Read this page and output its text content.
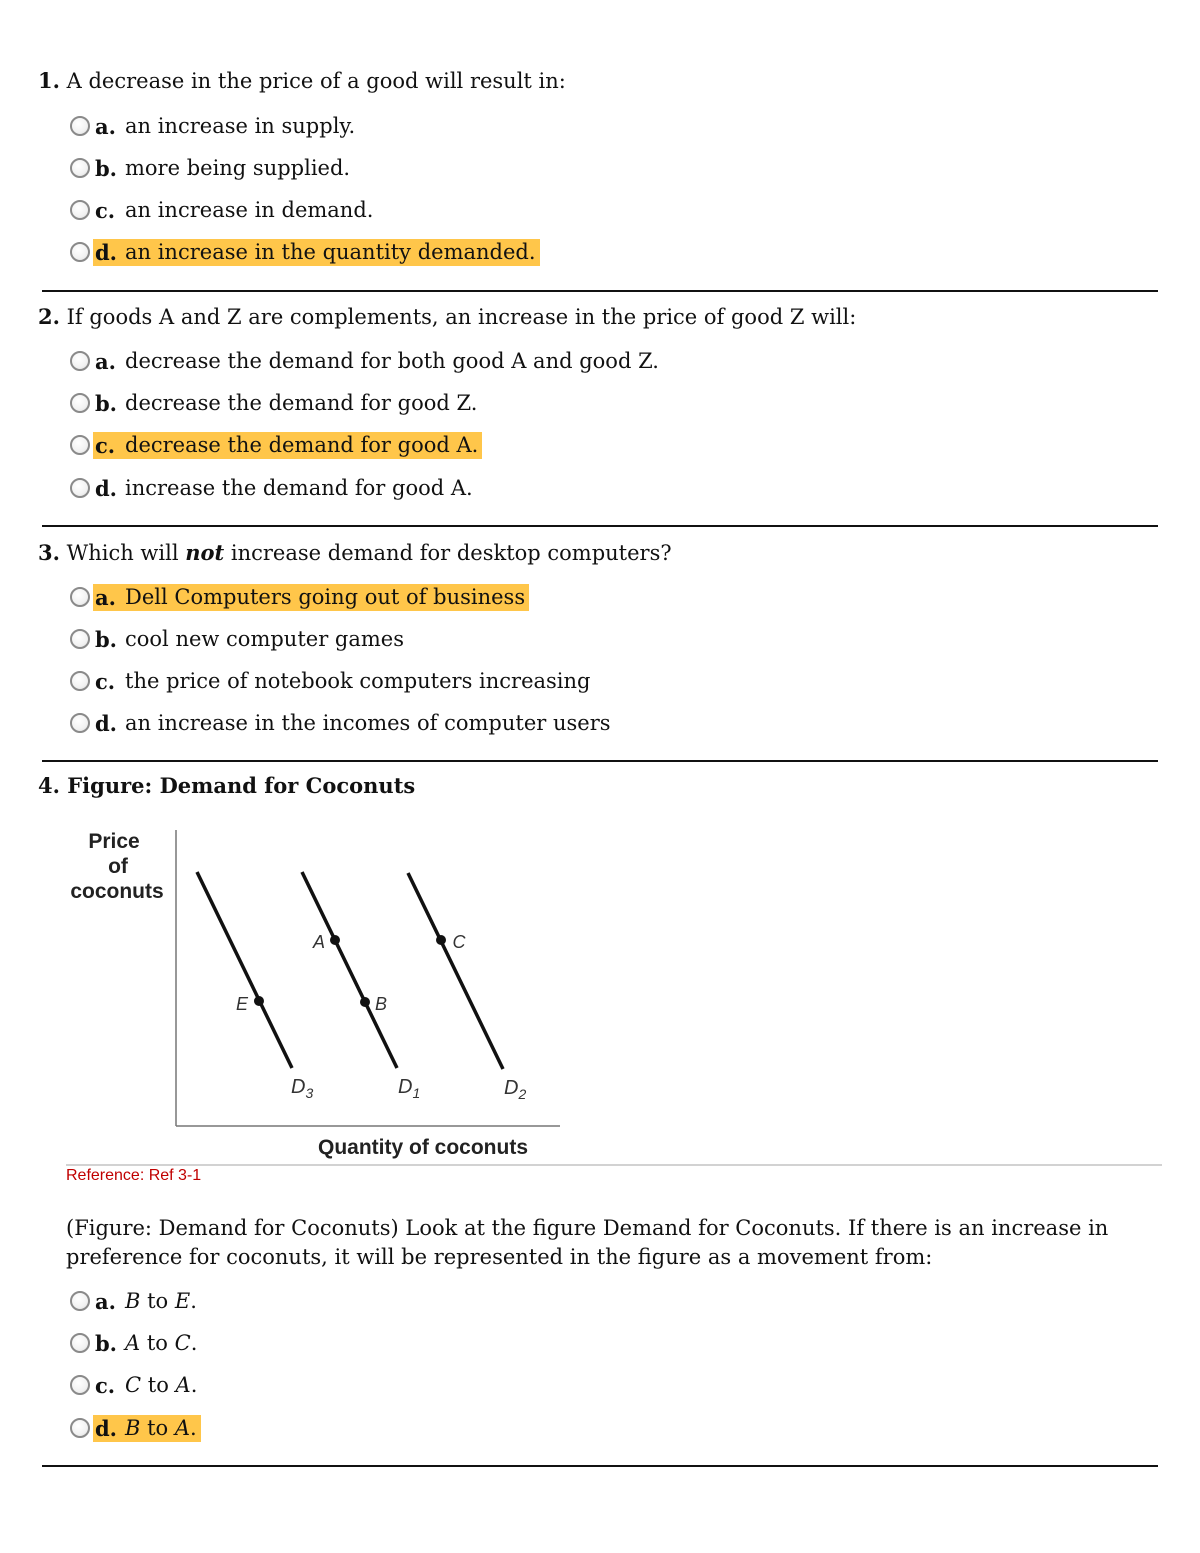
1. A decrease in the price of a good will result in:
a. an increase in supply.
b. more being supplied.
c. an increase in demand.
d. an increase in the quantity demanded.
2. If goods A and Z are complements, an increase in the price of good Z will:
a. decrease the demand for both good A and good Z.
b. decrease the demand for good Z.
c. decrease the demand for good A.
d. increase the demand for good A.
3. Which will not increase demand for desktop computers?
a. Dell Computers going out of business
b. cool new computer games
c. the price of notebook computers increasing
d. an increase in the incomes of computer users
4. Figure: Demand for Coconuts
Price
of
coconuts
A
B
C
E
$D_3$	$D_1$	$D_2$
Quantity of coconuts
Reference: Ref 3-1
(Figure: Demand for Coconuts) Look at the figure Demand for Coconuts. If there is an increase in preference for coconuts, it will be represented in the figure as a movement from:
a. B to E .
b. A to C .
c. C to A .
d. B to A .
